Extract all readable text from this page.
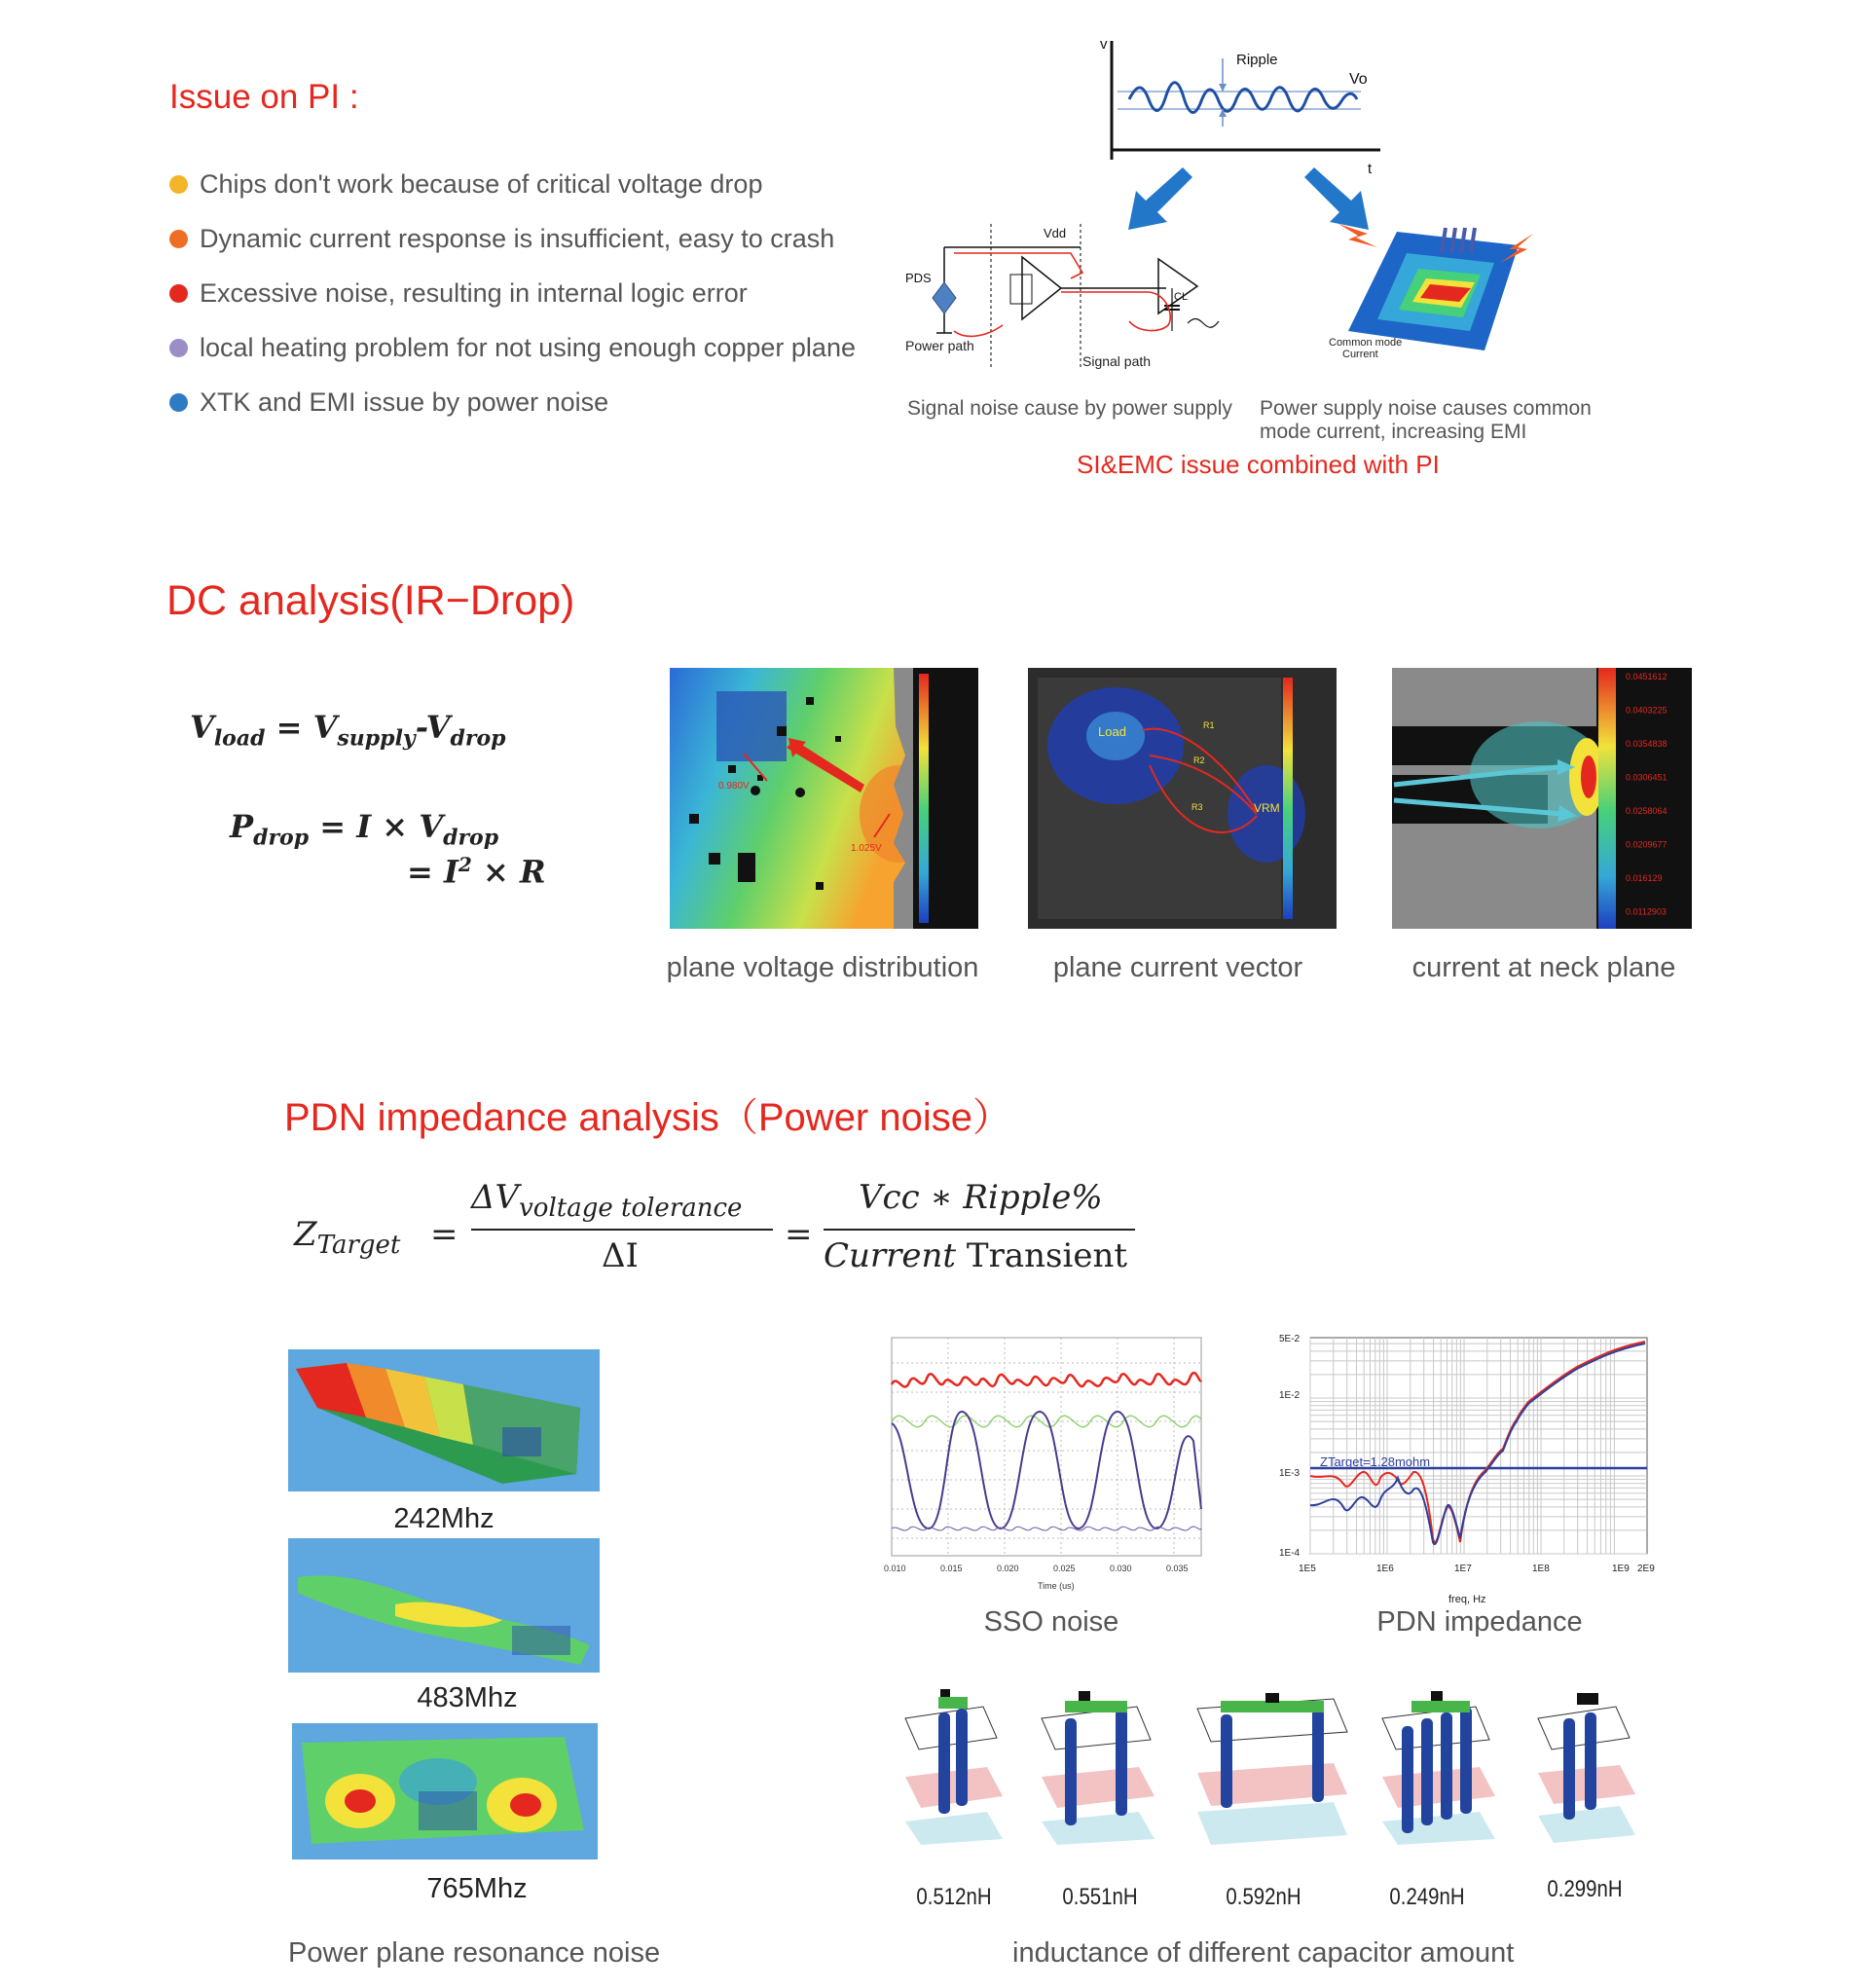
Issue on PI :
Chips don't work because of critical voltage drop
Dynamic current response is insufficient, easy to crash
Excessive noise, resulting in internal logic error
local heating problem for not using enough copper plane
XTK and EMI issue by power noise
v
t
Ripple
Vo
Vdd
PDS
CL
Power path
Signal path
Common mode
Current
Signal noise cause by power supply Power supply noise causes common
mode current, increasing EMI
SI&EMC issue combined with PI
DC analysis(IR−Drop)
$V_{load} = V_{supply}-V_{drop}$
$P_{drop} = I \times V_{drop}$
= $I^2 \times R$
0.980V
1.025V
Load
VRM
R1
R2
R3
0.0451612
0.0403225
0.0354838
0.0306451
0.0258064
0.0209677
0.016129
0.0112903
plane voltage distribution	plane current vector	current at neck plane
PDN impedance analysis（Power noise）
$Z_{Target}$ =
$\Delta V_{voltage tolerance}$
ΔI
=
Vcc ∗ Ripple%
Current Transient
242Mhz
483Mhz
765Mhz
Power plane resonance noise
0.010	0.015	0.020	0.025	0.030	0.035
Time (us)
SSO noise
ZTarget=1.28mohm
5E-2
1E-2
1E-3
1E-4
1E5	1E6	1E7	1E8	1E9 2E9
freq, Hz
PDN impedance
0.512nH	0.551nH	0.592nH	0.249nH	0.299nH
inductance of different capacitor amount
